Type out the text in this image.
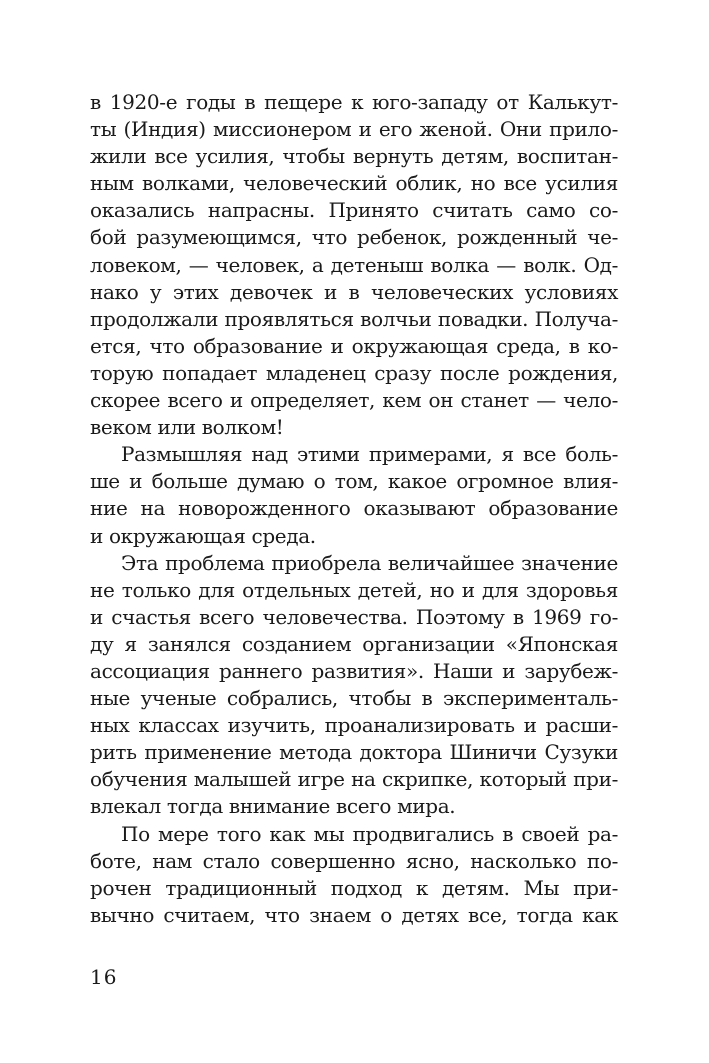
в 1920-е годы в пещере к юго-западу от Калькут-
ты (Индия) миссионером и его женой. Они прило-
жили все усилия, чтобы вернуть детям, воспитан-
ным волками, человеческий облик, но все усилия
оказались напрасны. Принято считать само со-
бой разумеющимся, что ребенок, рожденный че-
ловеком, — человек, а детеныш волка — волк. Од-
нако у этих девочек и в человеческих условиях
продолжали проявляться волчьи повадки. Получа-
ется, что образование и окружающая среда, в ко-
торую попадает младенец сразу после рождения,
скорее всего и определяет, кем он станет — чело-
веком или волком!
Размышляя над этими примерами, я все боль-
ше и больше думаю о том, какое огромное влия-
ние на новорожденного оказывают образование
и окружающая среда.
Эта проблема приобрела величайшее значение
не только для отдельных детей, но и для здоровья
и счастья всего человечества. Поэтому в 1969 го-
ду я занялся созданием организации «Японская
ассоциация раннего развития». Наши и зарубеж-
ные ученые собрались, чтобы в эксперименталь-
ных классах изучить, проанализировать и расши-
рить применение метода доктора Шиничи Сузуки
обучения малышей игре на скрипке, который при-
влекал тогда внимание всего мира.
По мере того как мы продвигались в своей ра-
боте, нам стало совершенно ясно, насколько по-
рочен традиционный подход к детям. Мы при-
вычно считаем, что знаем о детях все, тогда как
16
